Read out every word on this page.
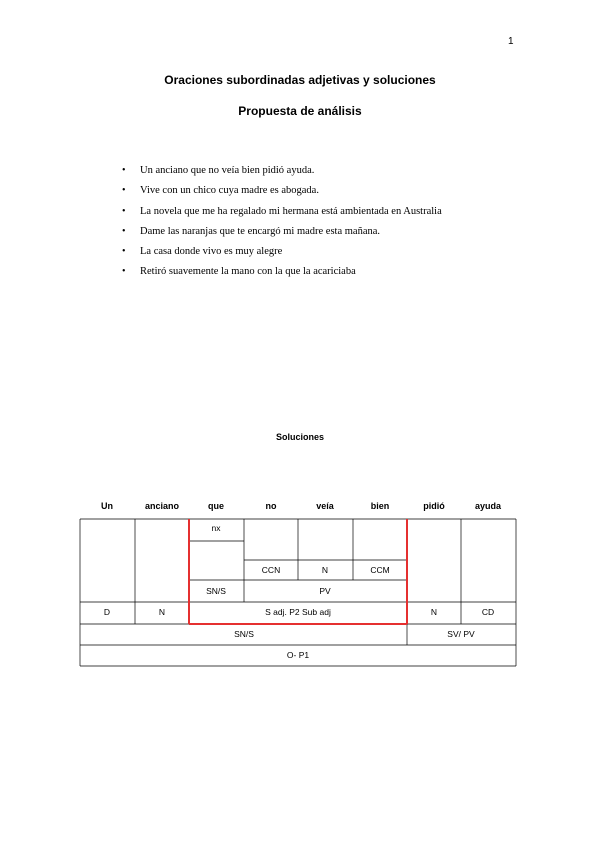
1
Oraciones subordinadas adjetivas y soluciones
Propuesta de análisis
• Un anciano que no veía bien pidió ayuda.
• Vive con un chico cuya madre es abogada.
• La novela que me ha regalado mi hermana está ambientada en Australia
• Dame las naranjas que te encargó mi madre esta mañana.
• La casa donde vivo es muy alegre
• Retiró suavemente la mano con la que la acariciaba
Soluciones
Un	anciano	que	no	veía	bien	pidió	ayuda
nx
CCN	N	CCM
SN/S	PV
D	N	S adj. P2 Sub adj	N	CD
SN/S	SV/ PV
O- P1
